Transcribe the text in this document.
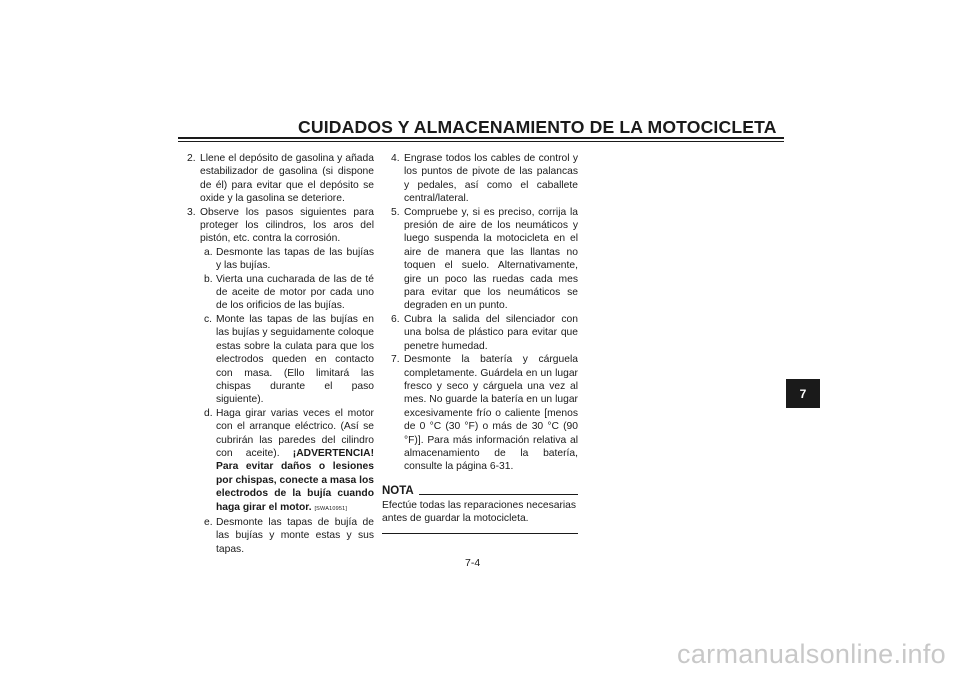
CUIDADOS Y ALMACENAMIENTO DE LA MOTOCICLETA
2. Llene el depósito de gasolina y añada estabilizador de gasolina (si dispone de él) para evitar que el depósito se oxide y la gasolina se deteriore.
3. Observe los pasos siguientes para proteger los cilindros, los aros del pistón, etc. contra la corrosión.
a. Desmonte las tapas de las bujías y las bujías.
b. Vierta una cucharada de las de té de aceite de motor por cada uno de los orificios de las bujías.
c. Monte las tapas de las bujías en las bujías y seguidamente coloque estas sobre la culata para que los electrodos queden en contacto con masa. (Ello limitará las chispas durante el paso siguiente).
d. Haga girar varias veces el motor con el arranque eléctrico. (Así se cubrirán las paredes del cilindro con aceite). ¡ADVERTENCIA! Para evitar daños o lesiones por chispas, conecte a masa los electrodos de la bujía cuando haga girar el motor. [SWA10951]
e. Desmonte las tapas de bujía de las bujías y monte estas y sus tapas.
4. Engrase todos los cables de control y los puntos de pivote de las palancas y pedales, así como el caballete central/lateral.
5. Compruebe y, si es preciso, corrija la presión de aire de los neumáticos y luego suspenda la motocicleta en el aire de manera que las llantas no toquen el suelo. Alternativamente, gire un poco las ruedas cada mes para evitar que los neumáticos se degraden en un punto.
6. Cubra la salida del silenciador con una bolsa de plástico para evitar que penetre humedad.
7. Desmonte la batería y cárguela completamente. Guárdela en un lugar fresco y seco y cárguela una vez al mes. No guarde la batería en un lugar excesivamente frío o caliente [menos de 0 °C (30 °F) o más de 30 °C (90 °F)]. Para más información relativa al almacenamiento de la batería, consulte la página 6-31.
NOTA
Efectúe todas las reparaciones necesarias antes de guardar la motocicleta.
7-4
7
carmanualsonline.info
